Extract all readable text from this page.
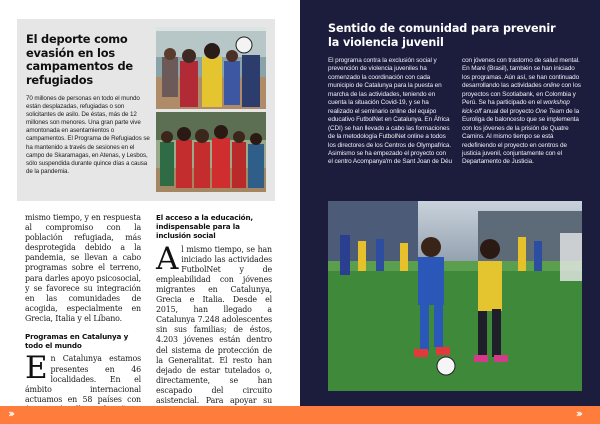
El deporte como evasión en los campamentos de refugiados
70 millones de personas en todo el mundo están desplazadas, refugiadas o son solicitantes de asilo. De éstas, más de 12 millones son menores. Una gran parte vive amontonada en asentamientos o campamentos. El Programa de Refugiados se ha mantenido a través de sesiones en el campo de Skaramagas, en Atenas, y Lesbos, sólo suspendida durante quince días a causa de la pandemia.

mismo tiempo, y en respuesta al compromiso con la población refugiada, más desprotegida debido a la pandemia, se llevan a cabo programas sobre el terreno, para darles apoyo psicosocial, y se favorece su integración en las comunidades de acogida, especialmente en Grecia, Italia y el Líbano.

Programas en Catalunya y todo el mundo

En Catalunya estamos presentes en 46 localidades. En el ámbito internacional actuamos en 58 países con

El acceso a la educación, indispensable para la inclusión social

Al mismo tiempo, se han iniciado las actividades FutbolNet y de empleabilidad con jóvenes migrantes en Catalunya, Grecia e Italia. Desde el 2015, han llegado a Catalunya 7.248 adolescentes sin sus familias; de éstos, 4.203 jóvenes están dentro del sistema de protección de la Generalitat. El resto han dejado de estar tutelados o, directamente, se han escapado del circuito asistencial. Para apoyar su

›››
Sentido de comunidad para prevenir la violencia juvenil
El programa contra la exclusión social y prevención de violencia juveniles ha comenzado la coordinación con cada municipio de Catalunya para la puesta en marcha de las actividades, teniendo en cuenta la situación Covid-19, y se ha realizado el seminario online del equipo educativo FutbolNet en Catalunya. En África (CDI) se han llevado a cabo las formaciones de la metodología FutbolNet online a todos los directores de los Centros de Olympafrica. Asimismo se ha empezado el proyecto con el centro Acompanya'm de Sant Joan de Déu
con jóvenes con trastorno de salud mental. En Maré (Brasil), también se han iniciado los programas. Aún así, se han continuado desarrollando las actividades online con los proyectos con Scotiabank, en Colombia y Perú. Se ha participado en el workshop kick-off anual del proyecto One Team de la Euroliga de baloncesto que se implementa con los jóvenes de la prisión de Quatre Camins. Al mismo tiempo se está redefiniendo el proyecto en centros de justicia juvenil, conjuntamente con el Departamento de Justicia.
›››
